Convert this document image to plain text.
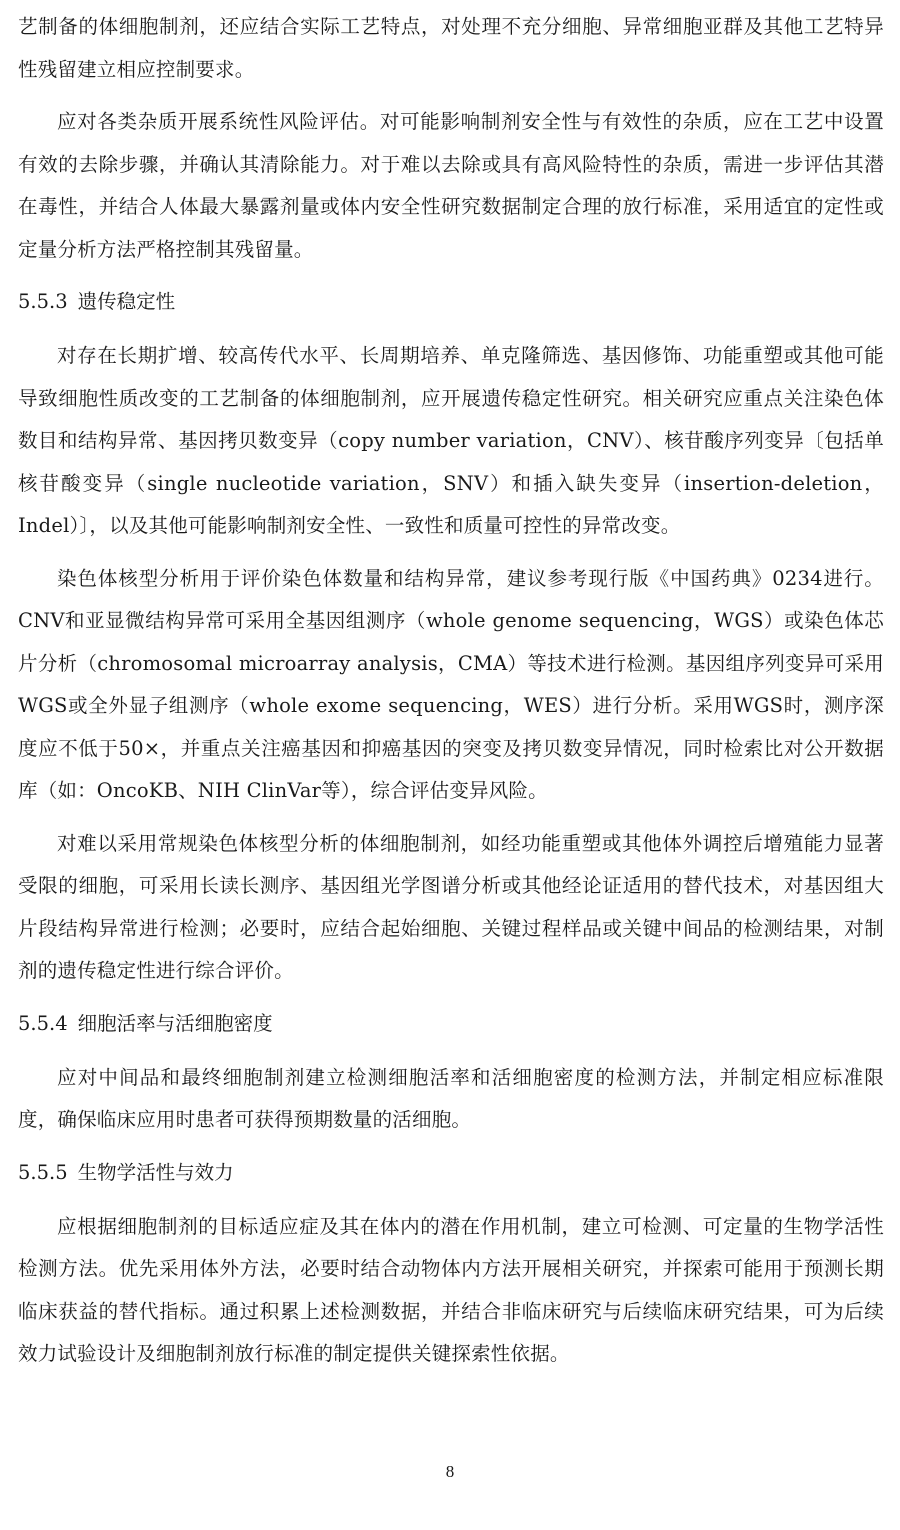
艺制备的体细胞制剂，还应结合实际工艺特点，对处理不充分细胞、异常细胞亚群及其他工艺特异性残留建立相应控制要求。

应对各类杂质开展系统性风险评估。对可能影响制剂安全性与有效性的杂质，应在工艺中设置有效的去除步骤，并确认其清除能力。对于难以去除或具有高风险特性的杂质，需进一步评估其潜在毒性，并结合人体最大暴露剂量或体内安全性研究数据制定合理的放行标准，采用适宜的定性或定量分析方法严格控制其残留量。

5.5.3 遗传稳定性

对存在长期扩增、较高传代水平、长周期培养、单克隆筛选、基因修饰、功能重塑或其他可能导致细胞性质改变的工艺制备的体细胞制剂，应开展遗传稳定性研究。相关研究应重点关注染色体数目和结构异常、基因拷贝数变异（copy number variation，CNV）、核苷酸序列变异〔包括单核苷酸变异（single nucleotide variation，SNV）和插入缺失变异（insertion-deletion，Indel）〕，以及其他可能影响制剂安全性、一致性和质量可控性的异常改变。

染色体核型分析用于评价染色体数量和结构异常，建议参考现行版《中国药典》0234进行。CNV和亚显微结构异常可采用全基因组测序（whole genome sequencing，WGS）或染色体芯片分析（chromosomal microarray analysis，CMA）等技术进行检测。基因组序列变异可采用WGS或全外显子组测序（whole exome sequencing，WES）进行分析。采用WGS时，测序深度应不低于50×，并重点关注癌基因和抑癌基因的突变及拷贝数变异情况，同时检索比对公开数据库（如：OncoKB、NIH ClinVar等），综合评估变异风险。

对难以采用常规染色体核型分析的体细胞制剂，如经功能重塑或其他体外调控后增殖能力显著受限的细胞，可采用长读长测序、基因组光学图谱分析或其他经论证适用的替代技术，对基因组大片段结构异常进行检测；必要时，应结合起始细胞、关键过程样品或关键中间品的检测结果，对制剂的遗传稳定性进行综合评价。

5.5.4 细胞活率与活细胞密度

应对中间品和最终细胞制剂建立检测细胞活率和活细胞密度的检测方法，并制定相应标准限度，确保临床应用时患者可获得预期数量的活细胞。

5.5.5 生物学活性与效力

应根据细胞制剂的目标适应症及其在体内的潜在作用机制，建立可检测、可定量的生物学活性检测方法。优先采用体外方法，必要时结合动物体内方法开展相关研究，并探索可能用于预测长期临床获益的替代指标。通过积累上述检测数据，并结合非临床研究与后续临床研究结果，可为后续效力试验设计及细胞制剂放行标准的制定提供关键探索性依据。

8
